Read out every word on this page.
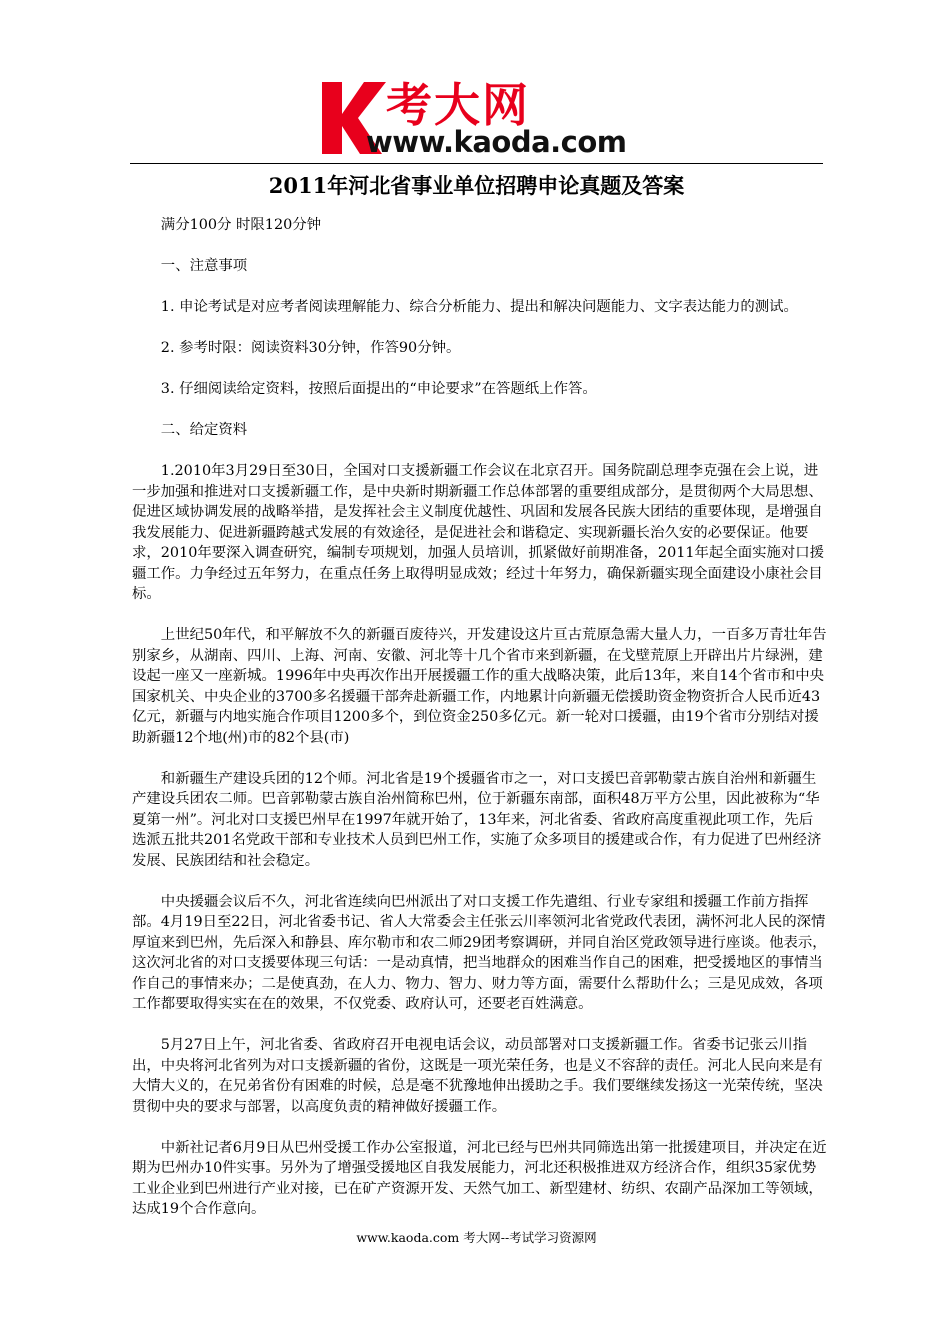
考大网
www.kaoda.com
2011年河北省事业单位招聘申论真题及答案

满分100分 时限120分钟

一、注意事项

1. 申论考试是对应考者阅读理解能力、综合分析能力、提出和解决问题能力、文字表达能力的测试。

2. 参考时限：阅读资料30分钟，作答90分钟。

3. 仔细阅读给定资料，按照后面提出的“申论要求”在答题纸上作答。

二、给定资料

1.2010年3月29日至30日，全国对口支援新疆工作会议在北京召开。国务院副总理李克强在会上说，进一步加强和推进对口支援新疆工作，是中央新时期新疆工作总体部署的重要组成部分，是贯彻两个大局思想、促进区域协调发展的战略举措，是发挥社会主义制度优越性、巩固和发展各民族大团结的重要体现，是增强自我发展能力、促进新疆跨越式发展的有效途径，是促进社会和谐稳定、实现新疆长治久安的必要保证。他要求，2010年要深入调查研究，编制专项规划，加强人员培训，抓紧做好前期准备，2011年起全面实施对口援疆工作。力争经过五年努力，在重点任务上取得明显成效；经过十年努力，确保新疆实现全面建设小康社会目标。

上世纪50年代，和平解放不久的新疆百废待兴，开发建设这片亘古荒原急需大量人力，一百多万青壮年告别家乡，从湖南、四川、上海、河南、安徽、河北等十几个省市来到新疆，在戈壁荒原上开辟出片片绿洲，建设起一座又一座新城。1996年中央再次作出开展援疆工作的重大战略决策，此后13年，来自14个省市和中央国家机关、中央企业的3700多名援疆干部奔赴新疆工作，内地累计向新疆无偿援助资金物资折合人民币近43亿元，新疆与内地实施合作项目1200多个，到位资金250多亿元。新一轮对口援疆，由19个省市分别结对援助新疆12个地(州)市的82个县(市)

和新疆生产建设兵团的12个师。河北省是19个援疆省市之一，对口支援巴音郭勒蒙古族自治州和新疆生产建设兵团农二师。巴音郭勒蒙古族自治州简称巴州，位于新疆东南部，面积48万平方公里，因此被称为“华夏第一州”。河北对口支援巴州早在1997年就开始了，13年来，河北省委、省政府高度重视此项工作，先后选派五批共201名党政干部和专业技术人员到巴州工作，实施了众多项目的援建或合作，有力促进了巴州经济发展、民族团结和社会稳定。

中央援疆会议后不久，河北省连续向巴州派出了对口支援工作先遣组、行业专家组和援疆工作前方指挥部。4月19日至22日，河北省委书记、省人大常委会主任张云川率领河北省党政代表团，满怀河北人民的深情厚谊来到巴州，先后深入和静县、库尔勒市和农二师29团考察调研，并同自治区党政领导进行座谈。他表示，这次河北省的对口支援要体现三句话：一是动真情，把当地群众的困难当作自己的困难，把受援地区的事情当作自己的事情来办；二是使真劲，在人力、物力、智力、财力等方面，需要什么帮助什么；三是见成效，各项工作都要取得实实在在的效果，不仅党委、政府认可，还要老百姓满意。

5月27日上午，河北省委、省政府召开电视电话会议，动员部署对口支援新疆工作。省委书记张云川指出，中央将河北省列为对口支援新疆的省份，这既是一项光荣任务，也是义不容辞的责任。河北人民向来是有大情大义的，在兄弟省份有困难的时候，总是毫不犹豫地伸出援助之手。我们要继续发扬这一光荣传统，坚决贯彻中央的要求与部署，以高度负责的精神做好援疆工作。

中新社记者6月9日从巴州受援工作办公室报道，河北已经与巴州共同筛选出第一批援建项目，并决定在近期为巴州办10件实事。另外为了增强受援地区自我发展能力，河北还积极推进双方经济合作，组织35家优势工业企业到巴州进行产业对接，已在矿产资源开发、天然气加工、新型建材、纺织、农副产品深加工等领域，达成19个合作意向。

www.kaoda.com 考大网--考试学习资源网
